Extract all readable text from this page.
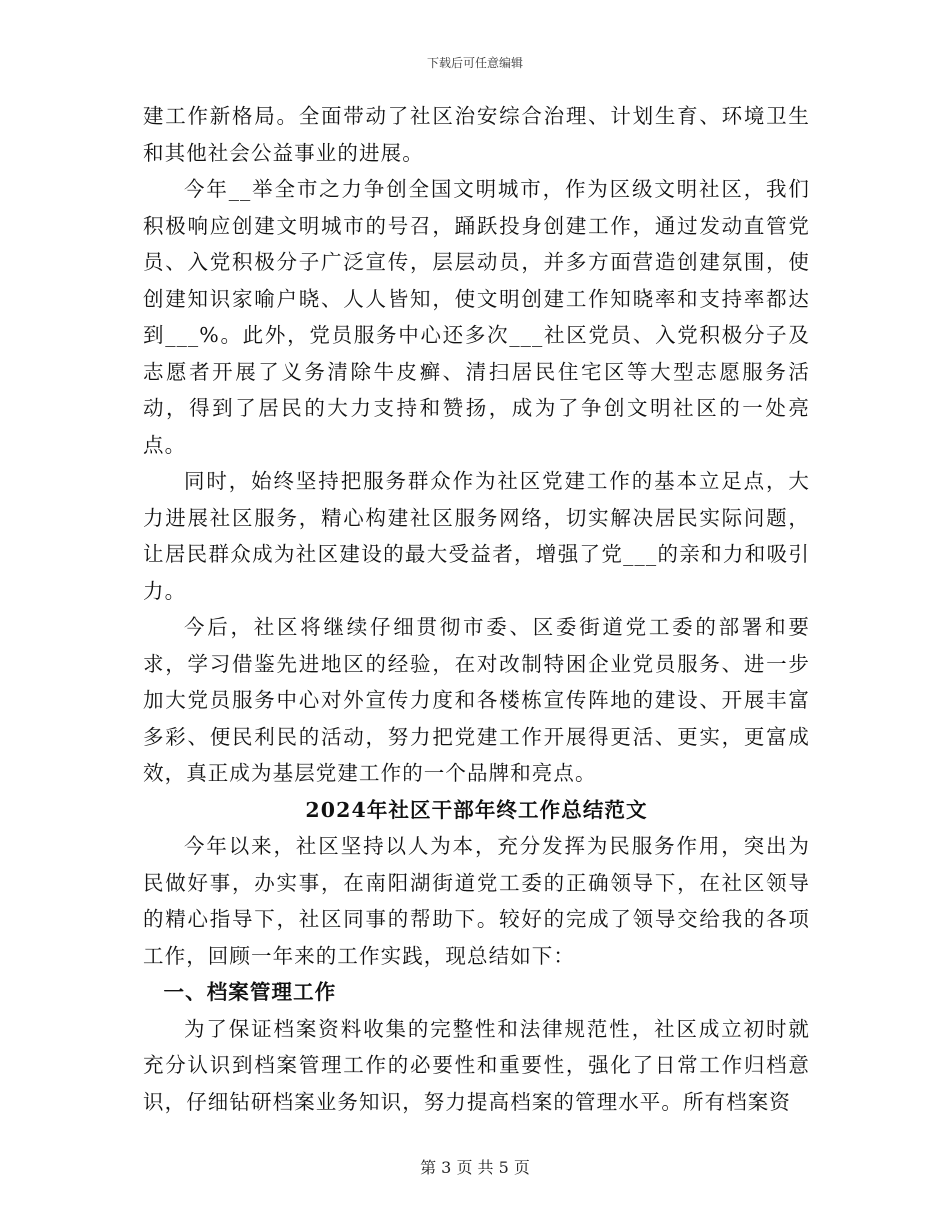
下载后可任意编辑

建工作新格局。全面带动了社区治安综合治理、计划生育、环境卫生和其他社会公益事业的进展。

今年__举全市之力争创全国文明城市，作为区级文明社区，我们积极响应创建文明城市的号召，踊跃投身创建工作，通过发动直管党员、入党积极分子广泛宣传，层层动员，并多方面营造创建氛围，使创建知识家喻户晓、人人皆知，使文明创建工作知晓率和支持率都达到___%。此外，党员服务中心还多次___社区党员、入党积极分子及志愿者开展了义务清除牛皮癣、清扫居民住宅区等大型志愿服务活动，得到了居民的大力支持和赞扬，成为了争创文明社区的一处亮点。

同时，始终坚持把服务群众作为社区党建工作的基本立足点，大力进展社区服务，精心构建社区服务网络，切实解决居民实际问题，让居民群众成为社区建设的最大受益者，增强了党___的亲和力和吸引力。

今后，社区将继续仔细贯彻市委、区委街道党工委的部署和要求，学习借鉴先进地区的经验，在对改制特困企业党员服务、进一步加大党员服务中心对外宣传力度和各楼栋宣传阵地的建设、开展丰富多彩、便民利民的活动，努力把党建工作开展得更活、更实，更富成效，真正成为基层党建工作的一个品牌和亮点。

2024年社区干部年终工作总结范文

今年以来，社区坚持以人为本，充分发挥为民服务作用，突出为民做好事，办实事，在南阳湖街道党工委的正确领导下，在社区领导的精心指导下，社区同事的帮助下。较好的完成了领导交给我的各项工作，回顾一年来的工作实践，现总结如下：

一、档案管理工作

为了保证档案资料收集的完整性和法律规范性，社区成立初时就充分认识到档案管理工作的必要性和重要性，强化了日常工作归档意识，仔细钻研档案业务知识，努力提高档案的管理水平。所有档案资

第 3 页 共 5 页
